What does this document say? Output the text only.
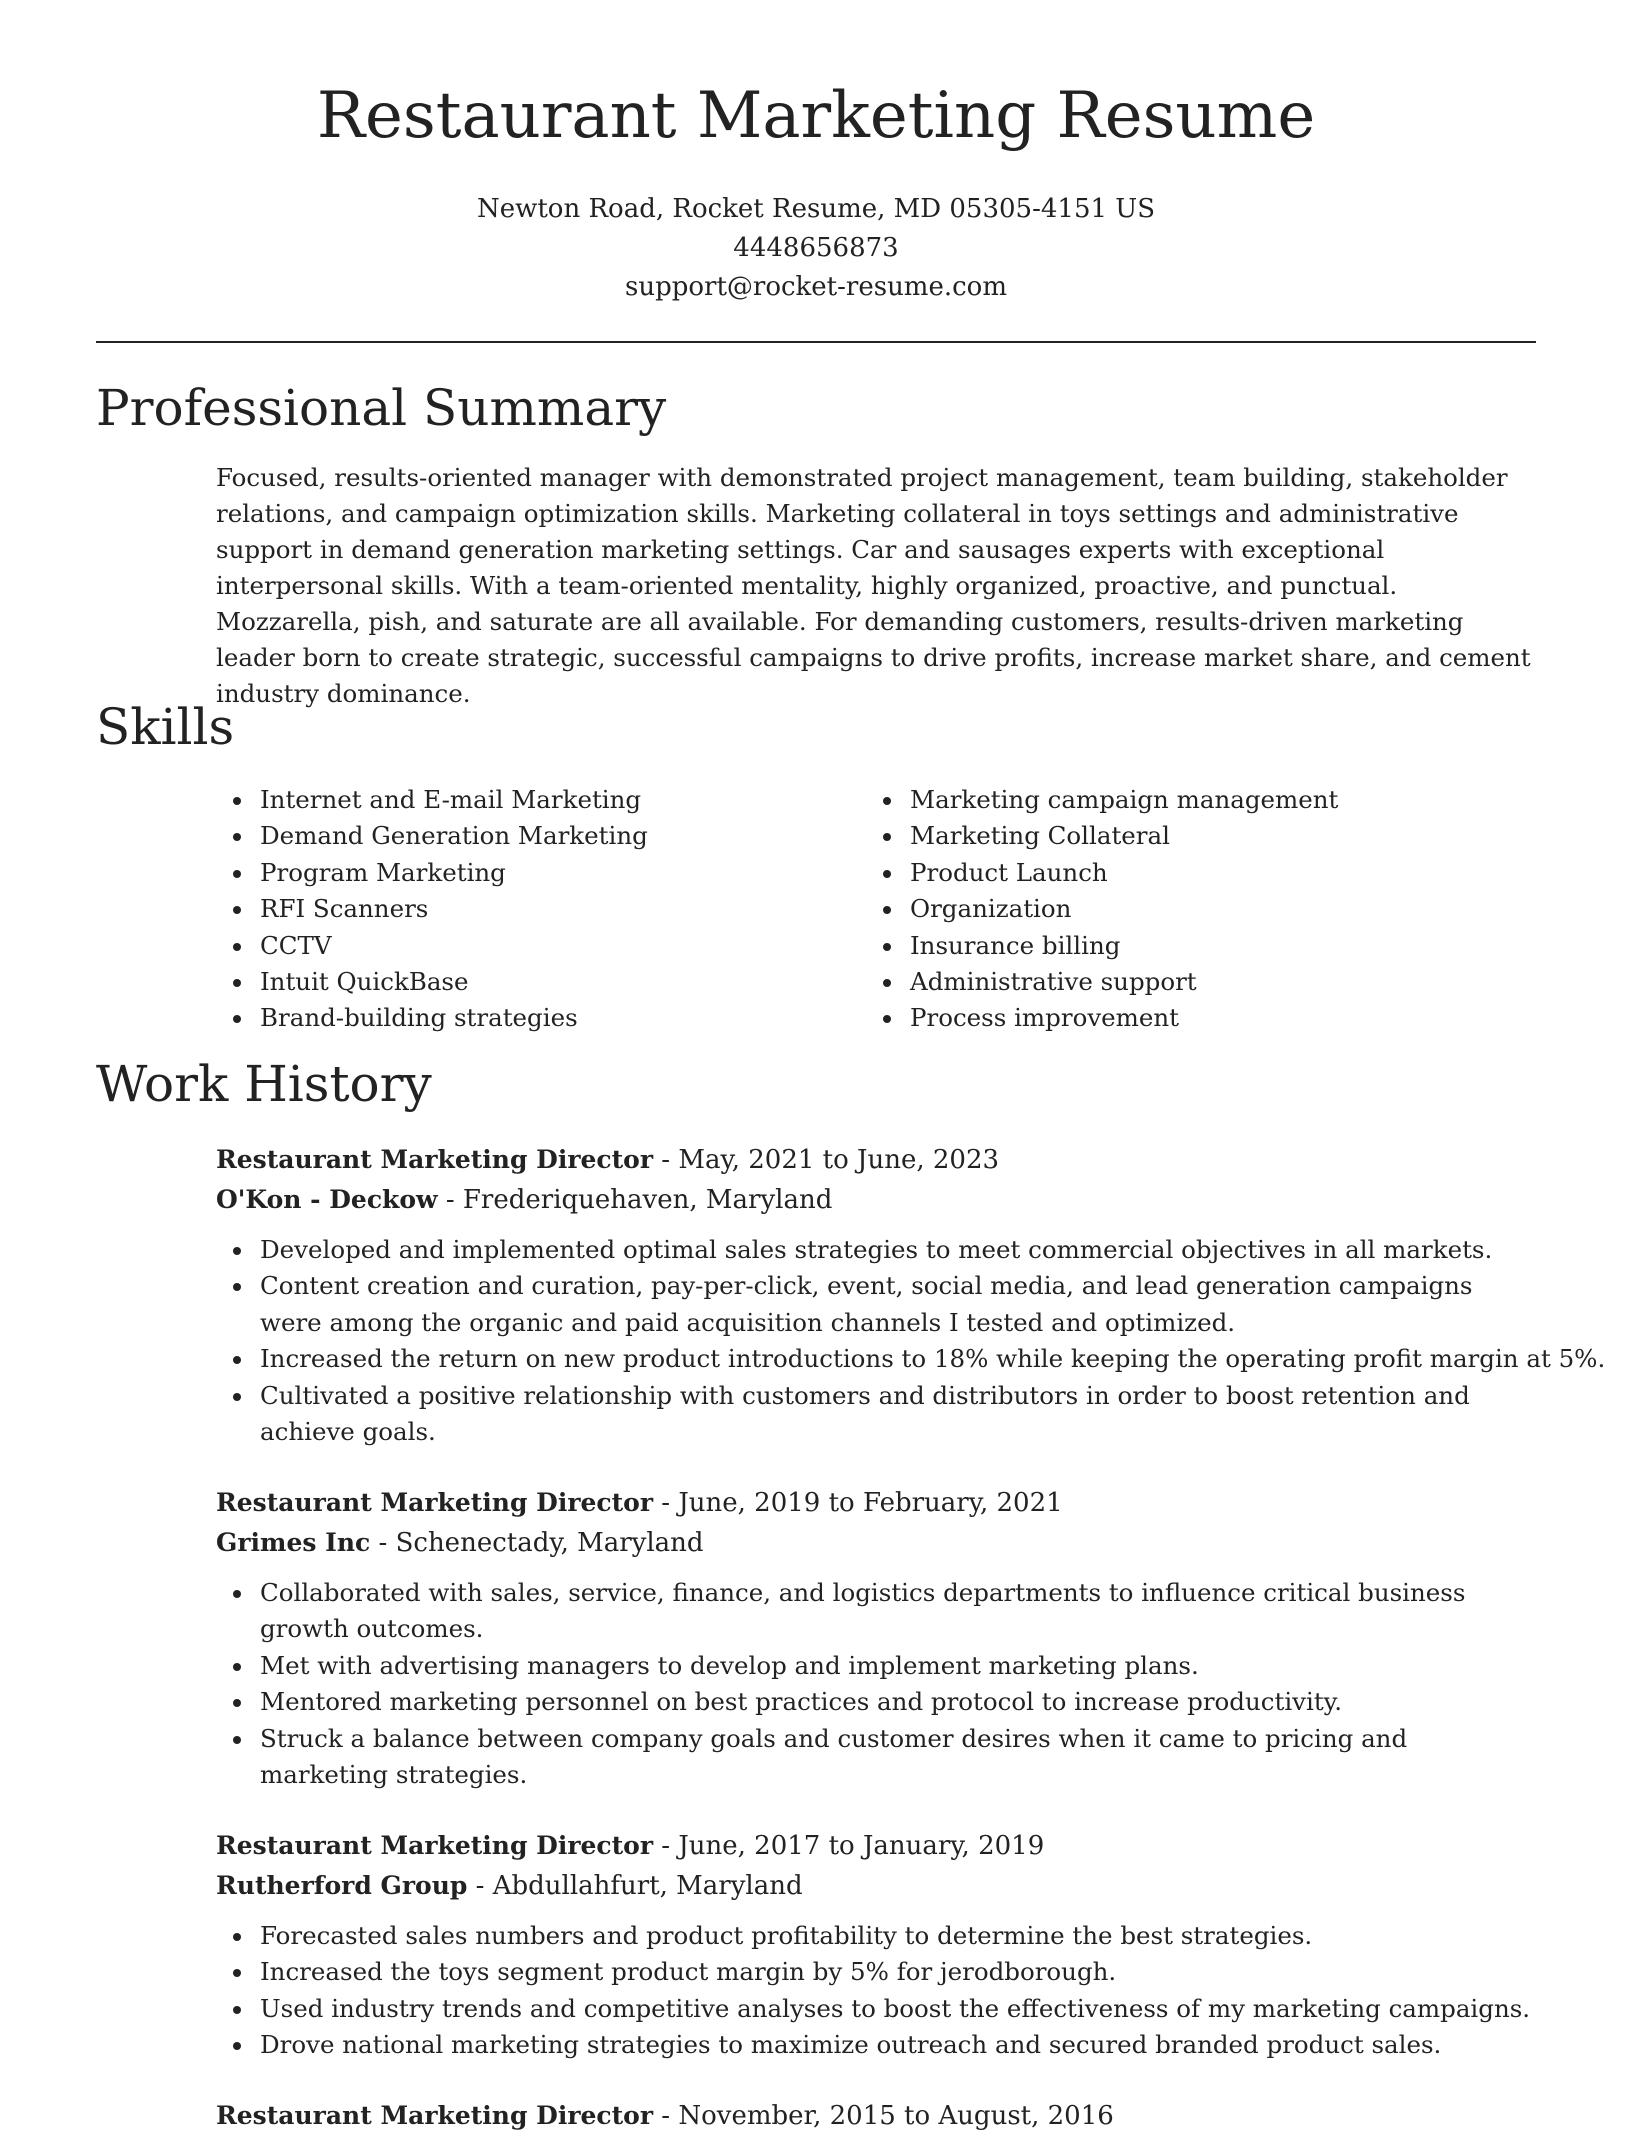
Restaurant Marketing Resume
Newton Road, Rocket Resume, MD 05305-4151 US
4448656873
support@rocket-resume.com
Professional Summary

Focused, results-oriented manager with demonstrated project management, team building, stakeholder relations, and campaign optimization skills. Marketing collateral in toys settings and administrative support in demand generation marketing settings. Car and sausages experts with exceptional interpersonal skills. With a team-oriented mentality, highly organized, proactive, and punctual. Mozzarella, pish, and saturate are all available. For demanding customers, results-driven marketing leader born to create strategic, successful campaigns to drive profits, increase market share, and cement industry dominance.

Skills
Internet and E-mail Marketing
Demand Generation Marketing
Program Marketing
RFI Scanners
CCTV
Intuit QuickBase
Brand-building strategies
Marketing campaign management
Marketing Collateral
Product Launch
Organization
Insurance billing
Administrative support
Process improvement
Work History
Restaurant Marketing Director - May, 2021 to June, 2023
O'Kon - Deckow - Frederiquehaven, Maryland
Developed and implemented optimal sales strategies to meet commercial objectives in all markets.
Content creation and curation, pay-per-click, event, social media, and lead generation campaigns were among the organic and paid acquisition channels I tested and optimized.
Increased the return on new product introductions to 18% while keeping the operating profit margin at 5%.
Cultivated a positive relationship with customers and distributors in order to boost retention and achieve goals.
Restaurant Marketing Director - June, 2019 to February, 2021
Grimes Inc - Schenectady, Maryland
Collaborated with sales, service, finance, and logistics departments to influence critical business growth outcomes.
Met with advertising managers to develop and implement marketing plans.
Mentored marketing personnel on best practices and protocol to increase productivity.
Struck a balance between company goals and customer desires when it came to pricing and marketing strategies.
Restaurant Marketing Director - June, 2017 to January, 2019
Rutherford Group - Abdullahfurt, Maryland
Forecasted sales numbers and product profitability to determine the best strategies.
Increased the toys segment product margin by 5% for jerodborough.
Used industry trends and competitive analyses to boost the effectiveness of my marketing campaigns.
Drove national marketing strategies to maximize outreach and secured branded product sales.
Restaurant Marketing Director - November, 2015 to August, 2016
